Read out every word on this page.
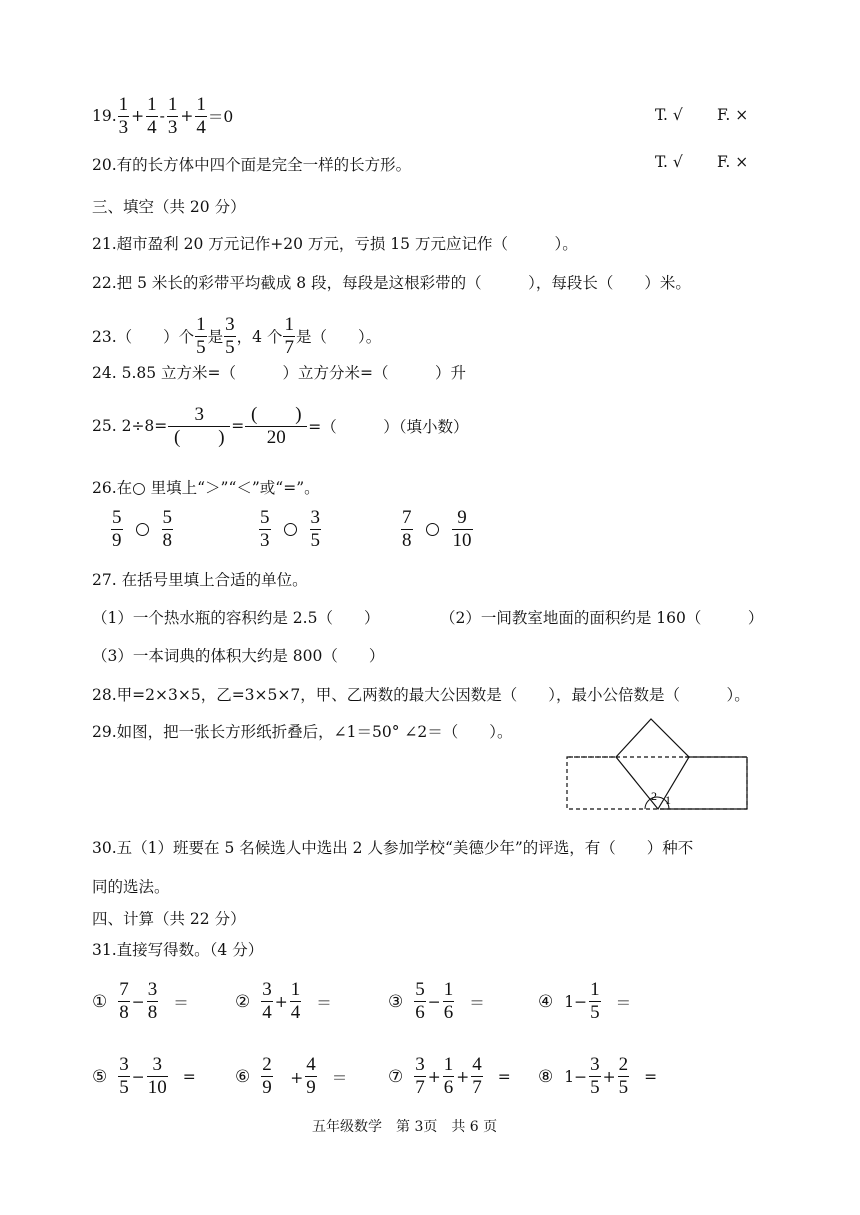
19.
1
3
+ $\frac{1}{4}$ -
1
3
+ $\frac{1}{4} =0$	T. √ F. ×
20.有的长方体中四个面是完全一样的长方形。	T. √ F. ×
三、填空（共 20 分）
21.超市盈利 20 万元记作+20 万元，亏损 15 万元应记作（　　　）。
22.把 5 米长的彩带平均截成 8 段，每段是这根彩带的（　　　），每段长（　　）米。
23.（　　）个
1
5 是
3
5 ，4 个
1
7 是（　　）。
24. 5.85 立方米=（　　　）立方分米=（　　　）升
25. 2÷8=
3
(　　)
=
(　　)
20	=（　　　）（填小数）
26.在○ 里填上“＞”“＜”或“=”。
5
9
5
8
5
3
3
5
7
8
9
10
27. 在括号里填上合适的单位。
（1）一个热水瓶的容积约是 2.5（　　）	（2）一间教室地面的面积约是 160（　　　）
（3）一本词典的体积大约是 800（　　）
28.甲=2×3×5，乙=3×5×7，甲、乙两数的最大公因数是（　　），最小公倍数是（　　　）。
29.如图，把一张长方形纸折叠后，∠1＝50° ∠2＝（　　）。
2 1
30.五（1）班要在 5 名候选人中选出 2 人参加学校“美德少年”的评选，有（　　）种不
同的选法。
四、计算（共 22 分）
31.直接写得数。（4 分）
①
7
8
− $\frac{3}{8}$ ＝	②
3
4
+ $\frac{1}{4}$ ＝	③
5
6
− $\frac{1}{6}$ ＝	④ $1- \frac{1}{5}$ ＝
⑤
3
5
− $\frac{3}{10}$ = ⑥
2
9 　+ $\frac{4}{9}$ ＝ ⑦
3
7
+ $\frac{1}{6} + \frac{4}{7}$ = ⑧ $1- \frac{3}{5} + \frac{2}{5}$ =
五年级数学　第 3页　共 6 页
